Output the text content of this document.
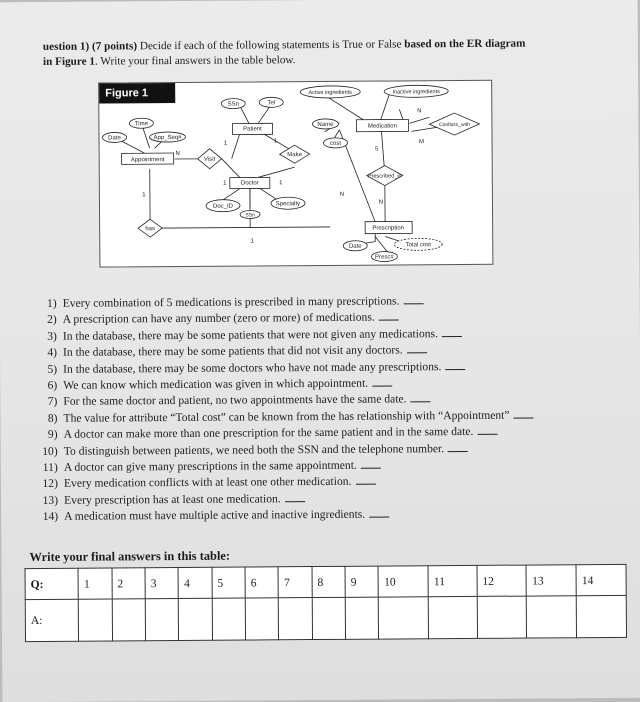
uestion 1) (7 points) Decide if each of the following statements is True or False based on the ER diagram
in Figure 1. Write your final answers in the table below.
SSn	Tel
Time
Date	App_Seq#
Name
cost
Active ingredients	Inactive ingredients
Doc_ID	Specialty
SSn
Date	Total cost
Presc#
Patient
Doctor
Medication
Prescription
Appointment	Visit
Make
has
Prescribed_in
Conflicts_with
N
1	1
1	1
1
1
N
5
N
M
N
Figure 1
1) Every combination of 5 medications is prescribed in many prescriptions.
2) A prescription can have any number (zero or more) of medications.
3) In the database, there may be some patients that were not given any medications.
4) In the database, there may be some patients that did not visit any doctors.
5) In the database, there may be some doctors who have not made any prescriptions.
6) We can know which medication was given in which appointment.
7) For the same doctor and patient, no two appointments have the same date.
8) The value for attribute “Total cost” can be known from the has relationship with “Appointment”
9) A doctor can make more than one prescription for the same patient and in the same date.
10) To distinguish between patients, we need both the SSN and the telephone number.
11) A doctor can give many prescriptions in the same appointment.
12) Every medication conflicts with at least one other medication.
13) Every prescription has at least one medication.
14) A medication must have multiple active and inactive ingredients.
Write your final answers in this table:
Q:	1	2	3	4	5	6	7	8	9	10	11	12	13	14
A:														
